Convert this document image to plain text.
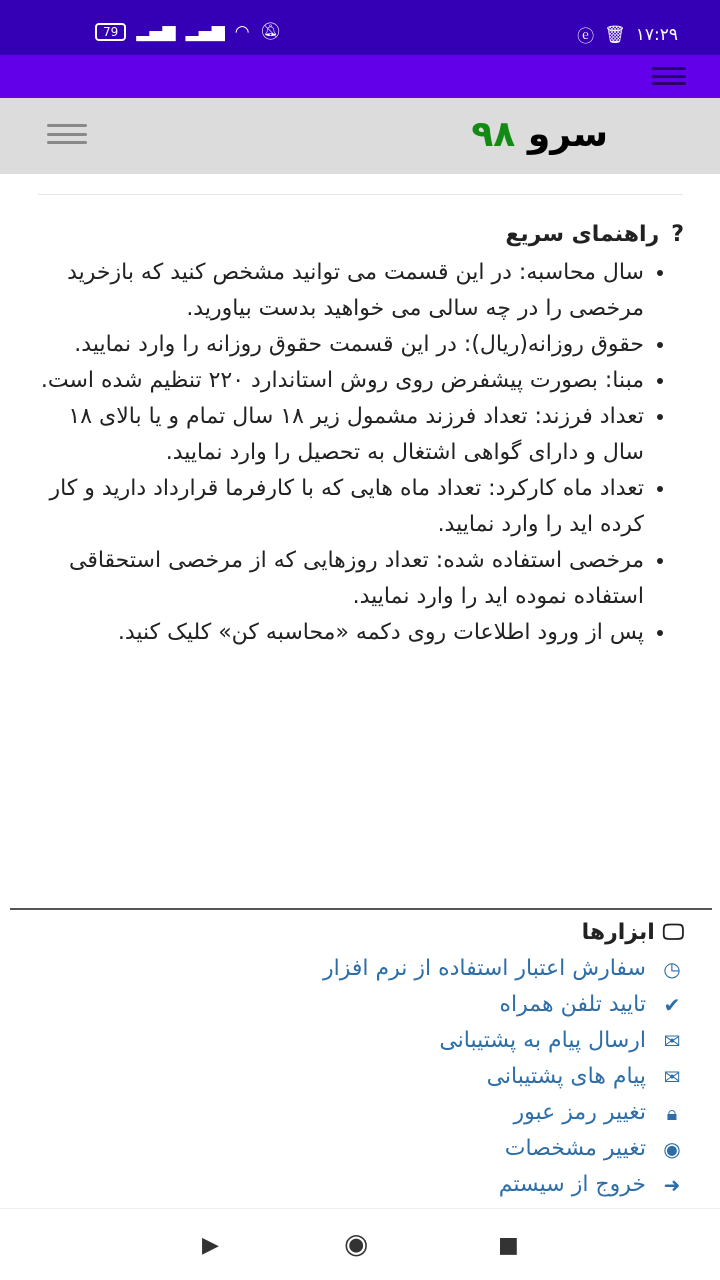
79	▂▄▆ ▂▄▆ ◠ 🔕︎	ⓔ 🗑︎ ۱۷:۲۹
سرو ۹۸
?
راهنمای سریع
• سال محاسبه: در این قسمت می توانید مشخص کنید که بازخرید مرخصی را در چه سالی می خواهید بدست بیاورید.
• حقوق روزانه(ریال): در این قسمت حقوق روزانه را وارد نمایید.
• مبنا: بصورت پیشفرض روی روش استاندارد ۲۲۰ تنظیم شده است.
• تعداد فرزند: تعداد فرزند مشمول زیر ۱۸ سال تمام و یا بالای ۱۸ سال و دارای گواهی اشتغال به تحصیل را وارد نمایید.
• تعداد ماه کارکرد: تعداد ماه هایی که با کارفرما قرارداد دارید و کار کرده اید را وارد نمایید.
• مرخصی استفاده شده: تعداد روزهایی که از مرخصی استحقاقی استفاده نموده اید را وارد نمایید.
• پس از ورود اطلاعات روی دکمه «محاسبه کن» کلیک کنید.
🖵
ابزارها
◷
سفارش اعتبار استفاده از نرم افزار
✔
تایید تلفن همراه
✉
ارسال پیام به پشتیبانی
✉
پیام های پشتیبانی
🔒︎
تغییر رمز عبور
◉
تغییر مشخصات
➜
خروج از سیستم
▶	◉	■
